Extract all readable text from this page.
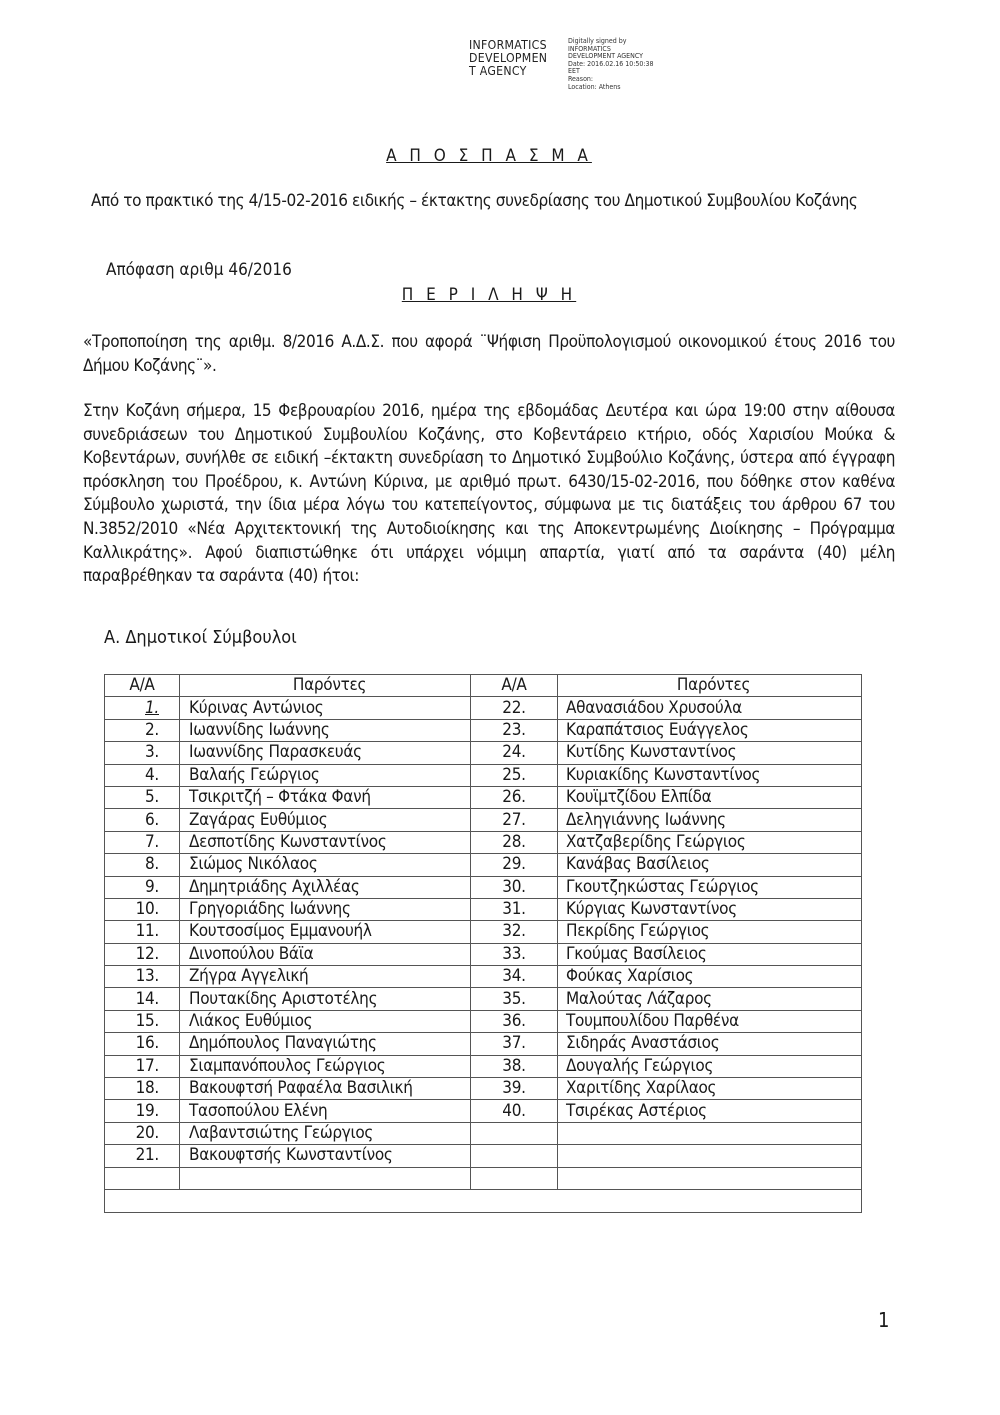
INFORMATICS
DEVELOPMEN
T AGENCY
Digitally signed by
INFORMATICS
DEVELOPMENT AGENCY
Date: 2016.02.16 10:50:38
EET
Reason:
Location: Athens
Α Π Ο Σ Π Α Σ Μ Α
Από το πρακτικό της 4/15-02-2016 ειδικής – έκτακτης συνεδρίασης του Δημοτικού Συμβουλίου Κοζάνης
Απόφαση αριθμ 46/2016
Π Ε Ρ Ι Λ Η Ψ Η
«Τροποποίηση της αριθμ. 8/2016 Α.Δ.Σ. που αφορά ¨Ψήφιση Προϋπολογισμού οικονομικού έτους 2016 του Δήμου Κοζάνης¨».
Στην Κοζάνη σήμερα, 15 Φεβρουαρίου 2016, ημέρα της εβδομάδας Δευτέρα και ώρα 19:00 στην αίθουσα συνεδριάσεων του Δημοτικού Συμβουλίου Κοζάνης, στο Κοβεντάρειο κτήριο, οδός Χαρισίου Μούκα & Κοβεντάρων, συνήλθε σε ειδική –έκτακτη συνεδρίαση το Δημοτικό Συμβούλιο Κοζάνης, ύστερα από έγγραφη πρόσκληση του Προέδρου, κ. Αντώνη Κύρινα, με αριθμό πρωτ. 6430/15-02-2016, που δόθηκε στον καθένα Σύμβουλο χωριστά, την ίδια μέρα λόγω του κατεπείγοντος, σύμφωνα με τις διατάξεις του άρθρου 67 του Ν.3852/2010 «Νέα Αρχιτεκτονική της Αυτοδιοίκησης και της Αποκεντρωμένης Διοίκησης – Πρόγραμμα Καλλικράτης». Αφού διαπιστώθηκε ότι υπάρχει νόμιμη απαρτία, γιατί από τα σαράντα (40) μέλη παραβρέθηκαν τα σαράντα (40) ήτοι:
Α. Δημοτικοί Σύμβουλοι
Α/Α	Παρόντες	Α/Α	Παρόντες
1.	Κύρινας Αντώνιος	22.	Αθανασιάδου Χρυσούλα
2.	Ιωαννίδης Ιωάννης	23.	Καραπάτσιος Ευάγγελος
3.	Ιωαννίδης Παρασκευάς	24.	Κυτίδης Κωνσταντίνος
4.	Βαλαής Γεώργιος	25.	Κυριακίδης Κωνσταντίνος
5.	Τσικριτζή – Φτάκα Φανή	26.	Κουϊμτζίδου Ελπίδα
6.	Ζαγάρας Ευθύμιος	27.	Δεληγιάννης Ιωάννης
7.	Δεσποτίδης Κωνσταντίνος	28.	Χατζαβερίδης Γεώργιος
8.	Σιώμος Νικόλαος	29.	Κανάβας Βασίλειος
9.	Δημητριάδης Αχιλλέας	30.	Γκουτζηκώστας Γεώργιος
10.	Γρηγοριάδης Ιωάννης	31.	Κύργιας Κωνσταντίνος
11.	Κουτσοσίμος Εμμανουήλ	32.	Πεκρίδης Γεώργιος
12.	Δινοπούλου Βάϊα	33.	Γκούμας Βασίλειος
13.	Ζήγρα Αγγελική	34.	Φούκας Χαρίσιος
14.	Πουτακίδης Αριστοτέλης	35.	Μαλούτας Λάζαρος
15.	Λιάκος Ευθύμιος	36.	Τουμπουλίδου Παρθένα
16.	Δημόπουλος Παναγιώτης	37.	Σιδηράς Αναστάσιος
17.	Σιαμπανόπουλος Γεώργιος	38.	Δουγαλής Γεώργιος
18.	Βακουφτσή Ραφαέλα Βασιλική	39.	Χαριτίδης Χαρίλαος
19.	Τασοπούλου Ελένη	40.	Τσιρέκας Αστέριος
20.	Λαβαντσιώτης Γεώργιος		
21.	Βακουφτσής Κωνσταντίνος		

1
